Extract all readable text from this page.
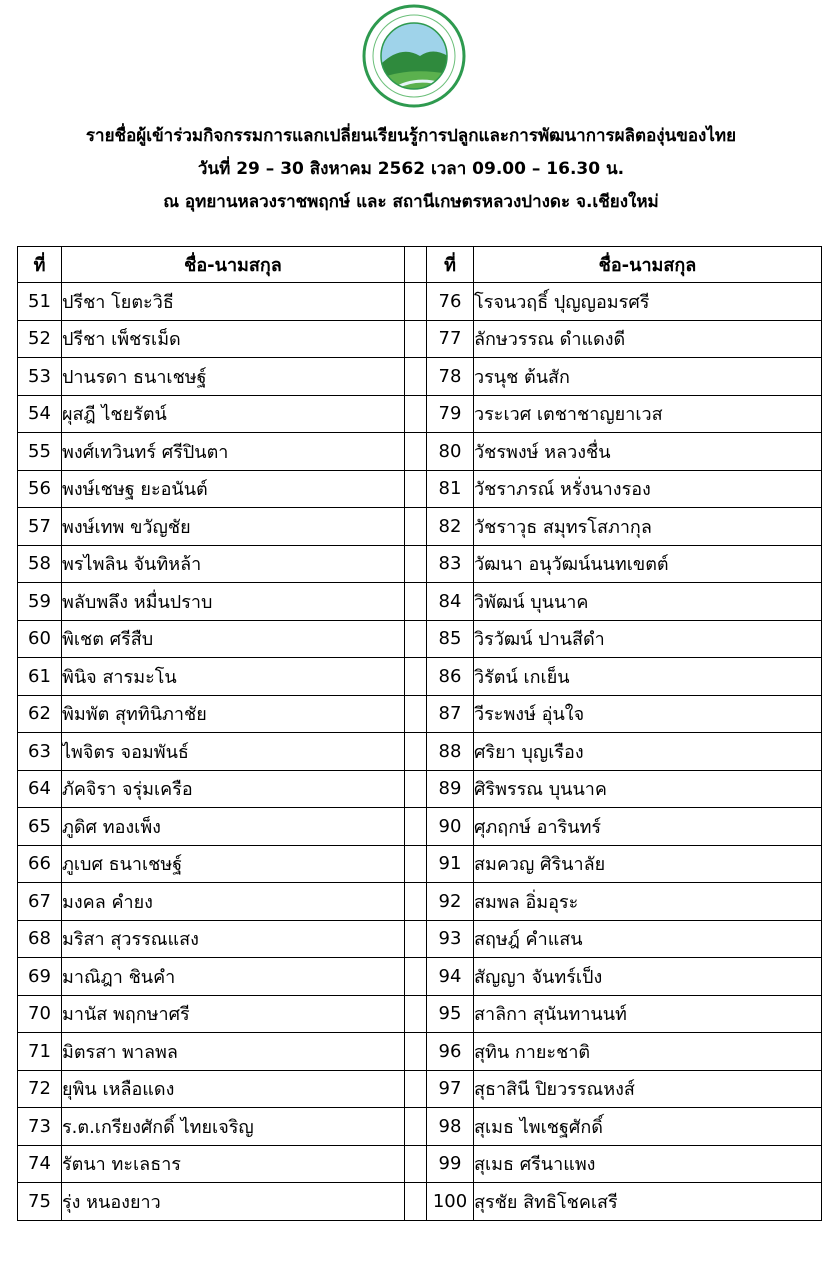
รายชื่อผู้เข้าร่วมกิจกรรมการแลกเปลี่ยนเรียนรู้การปลูกและการพัฒนาการผลิตองุ่นของไทย
วันที่ 29 – 30 สิงหาคม 2562 เวลา 09.00 – 16.30 น.
ณ อุทยานหลวงราชพฤกษ์ และ สถานีเกษตรหลวงปางดะ จ.เชียงใหม่
ที่	ชื่อ-นามสกุล		ที่	ชื่อ-นามสกุล
51	ปรีชา โยตะวิธี		76	โรจนวฤธิ์ ปุญญอมรศรี
52	ปรีชา เพ็ชรเม็ด		77	ลักษวรรณ ดำแดงดี
53	ปานรดา ธนาเชษฐ์		78	วรนุช ต้นสัก
54	ผุสฎี ไชยรัตน์		79	วระเวศ เตชาชาญยาเวส
55	พงศ์เทวินทร์ ศรีปินตา		80	วัชรพงษ์ หลวงชื่น
56	พงษ์เชษฐ ยะอนันต์		81	วัชราภรณ์ หรั่งนางรอง
57	พงษ์เทพ ขวัญชัย		82	วัชราวุธ สมุทรโสภากุล
58	พรไพลิน จันทิหล้า		83	วัฒนา อนุวัฒน์นนทเขตต์
59	พลับพลึง หมื่นปราบ		84	วิพัฒน์ บุนนาค
60	พิเชต ศรีสืบ		85	วิรวัฒน์ ปานสีดำ
61	พินิจ สารมะโน		86	วิรัตน์ เกเย็น
62	พิมพัต สุททินิภาชัย		87	วีระพงษ์ อุ่นใจ
63	ไพจิตร จอมพันธ์		88	ศริยา บุญเรือง
64	ภัคจิรา จรุ่มเครือ		89	ศิริพรรณ บุนนาค
65	ภูดิศ ทองเพ็ง		90	ศุภฤกษ์ อารินทร์
66	ภูเบศ ธนาเชษฐ์		91	สมควญ ศิรินาลัย
67	มงคล คำยง		92	สมพล อิ่มอุระ
68	มริสา สุวรรณแสง		93	สฤษฎ์ คำแสน
69	มาณิฎา ชินคำ		94	สัญญา จันทร์เป็ง
70	มานัส พฤกษาศรี		95	สาลิกา สุนันทานนท์
71	มิตรสา พาลพล		96	สุทิน กายะชาติ
72	ยุพิน เหลือแดง		97	สุธาสินี ปิยวรรณหงส์
73	ร.ต.เกรียงศักดิ์ ไทยเจริญ		98	สุเมธ ไพเชฐศักดิ์
74	รัตนา ทะเลธาร		99	สุเมธ ศรีนาแพง
75	รุ่ง หนองยาว		100	สุรชัย สิทธิโชคเสรี
